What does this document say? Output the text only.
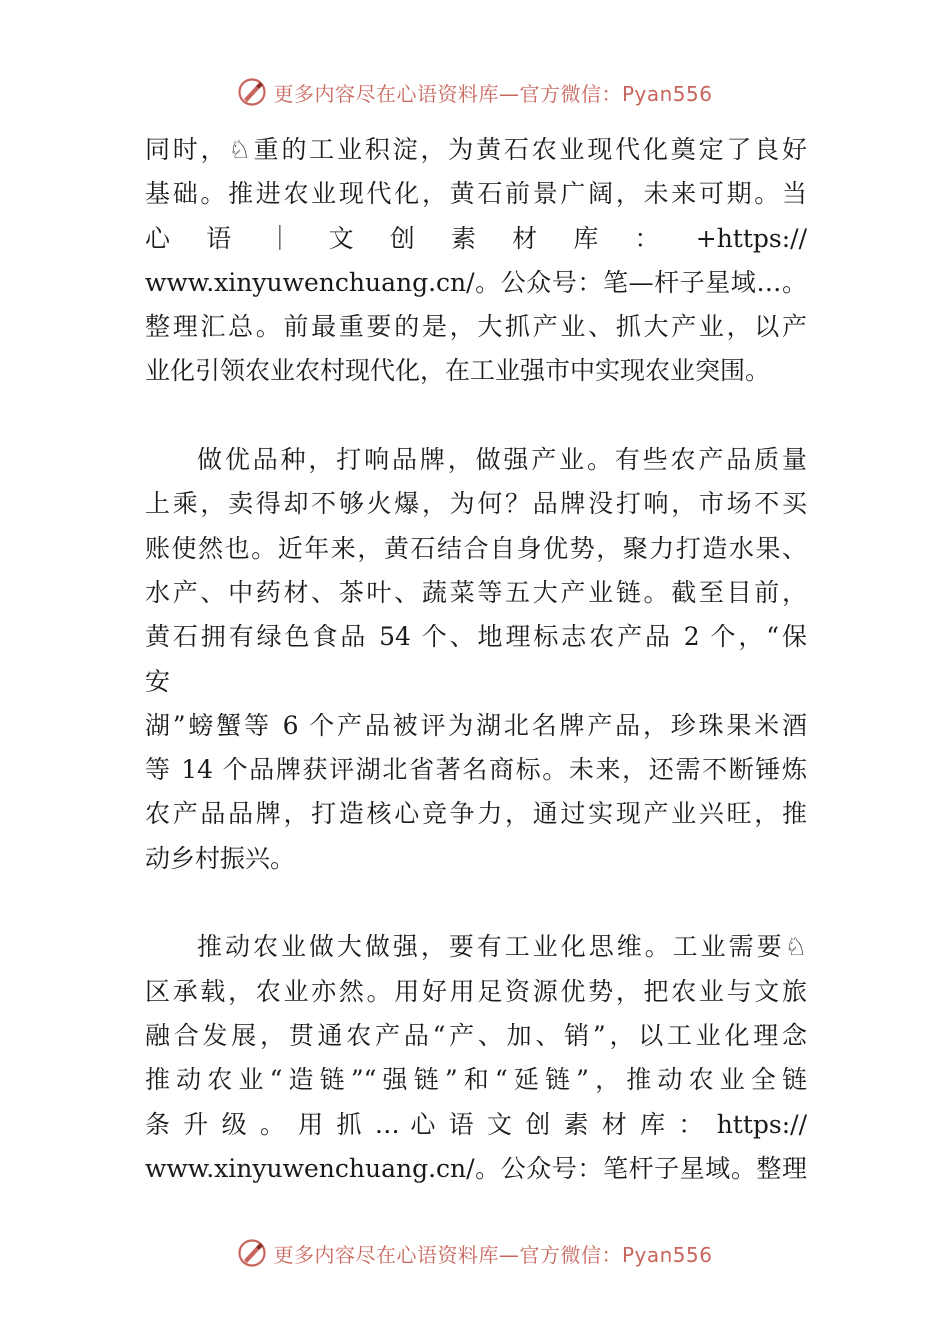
更多内容尽在心语资料库—官方微信：Pyan556
同时，♘重的工业积淀，为黄石农业现代化奠定了良好
基础。推进农业现代化，黄石前景广阔，未来可期。当
心 语 ｜ 文 创 素 材 库 ： +https://
www.xinyuwenchuang.cn/。公众号：笔—杆子星域…。
整理汇总。前最重要的是，大抓产业、抓大产业，以产
业化引领农业农村现代化，在工业强市中实现农业突围。
做优品种，打响品牌，做强产业。有些农产品质量
上乘，卖得却不够火爆，为何？品牌没打响，市场不买
账使然也。近年来，黄石结合自身优势，聚力打造水果、
水产、中药材、茶叶、蔬菜等五大产业链。截至目前，
黄石拥有绿色食品 54 个、地理标志农产品 2 个，“保
安
湖”螃蟹等 6 个产品被评为湖北名牌产品，珍珠果米酒
等 14 个品牌获评湖北省著名商标。未来，还需不断锤炼
农产品品牌，打造核心竞争力，通过实现产业兴旺，推
动乡村振兴。
推动农业做大做强，要有工业化思维。工业需要♘
区承载，农业亦然。用好用足资源优势，把农业与文旅
融合发展，贯通农产品“产、加、销”，以工业化理念
推动农业“造链”“强链”和“延链”，推动农业全链
条 升 级 。 用 抓 … 心 语 文 创 素 材 库 ： https://
www.xinyuwenchuang.cn/。公众号：笔杆子星域。整理
更多内容尽在心语资料库—官方微信：Pyan556
